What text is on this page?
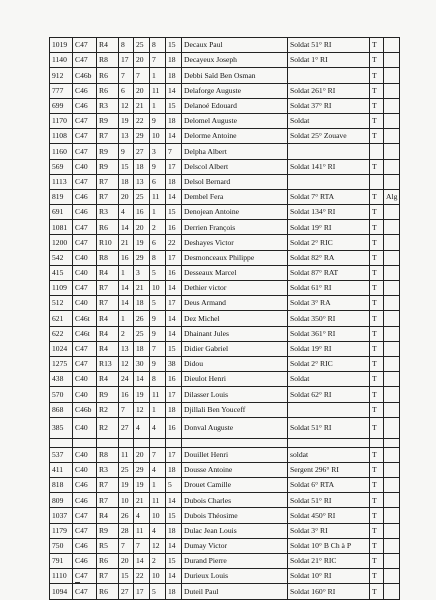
1019	C47	R4	8	25	8	15	Decaux Paul	Soldat 51° RI	T	
1140	C47	R8	17	20	7	18	Decayeux Joseph	Soldat 1° RI	T	
912	C46b	R6	7	7	1	18	Debbi Saïd Ben Osman		T	
777	C46	R6	6	20	11	14	Delaforge Auguste	Soldat 261° RI	T	
699	C46	R3	12	21	1	15	Delanoé Edouard	Soldat 37° RI	T	
1170	C47	R9	19	22	9	18	Delomel Auguste	Soldat	T	
1108	C47	R7	13	29	10	14	Delorme Antoine	Soldat 25° Zouave	T	
1160	C47	R9	9	27	3	7	Delpha Albert			
569	C40	R9	15	18	9	17	Delscol Albert	Soldat 141° RI	T	
1113	C47	R7	18	13	6	18	Delsol Bernard			
819	C46	R7	20	25	11	14	Dembel Fera	Soldat 7° RTA	T	Alg
691	C46	R3	4	16	1	15	Denojean Antoine	Soldat 134° RI	T	
1081	C47	R6	14	20	2	16	Derrien François	Soldat 19° RI	T	
1200	C47	R10	21	19	6	22	Deshayes Victor	Soldat 2° RIC	T	
542	C40	R8	16	29	8	17	Desmonceaux Philippe	Soldat 82° RA	T	
415	C40	R4	1	3	5	16	Desseaux Marcel	Soldat 87° RAT	T	
1109	C47	R7	14	21	10	14	Dethier victor	Soldat 61° RI	T	
512	C40	R7	14	18	5	17	Deus Armand	Soldat 3° RA	T	
621	C46t	R4	1	26	9	14	Dez Michel	Soldat 350° RI	T	
622	C46t	R4	2	25	9	14	Dhainant Jules	Soldat 361° RI	T	
1024	C47	R4	13	18	7	15	Didier Gabriel	Soldat 19° RI	T	
1275	C47	R13	12	30	9	38	Didou	Soldat 2° RIC	T	
438	C40	R4	24	14	8	16	Dieulot Henri	Soldat	T	
570	C40	R9	16	19	11	17	Dilasser Louis	Soldat 62° RI	T	
868	C46b	R2	7	12	1	18	Djillali Ben Youceff		T	
385	C40	R2	27	4	4	16	Donval Auguste	Soldat 51° RI	T	

537	C40	R8	11	20	7	17	Douillet Henri	soldat	T	
411	C40	R3	25	29	4	18	Dousse Antoine	Sergent 296° RI	T	
818	C46	R7	19	19	1	5	Drouet Camille	Soldat 6° RTA	T	
809	C46	R7	10	21	11	14	Dubois Charles	Soldat 51° RI	T	
1037	C47	R4	26	4	10	15	Dubois Théosime	Soldat 450° RI	T	
1179	C47	R9	28	11	4	18	Dulac Jean Louis	Soldat 3° RI	T	
750	C46	R5	7	7	12	14	Dumay Victor	Soldat 10° B Ch à P	T	
791	C46	R6	20	14	2	15	Durand Pierre	Soldat 21° RIC	T	
1110	C47	R7	15	22	10	14	Durieux Louis	Soldat 10° RI	T	
1094	C47	R6	27	17	5	18	Duteil Paul	Soldat 160° RI	T	
